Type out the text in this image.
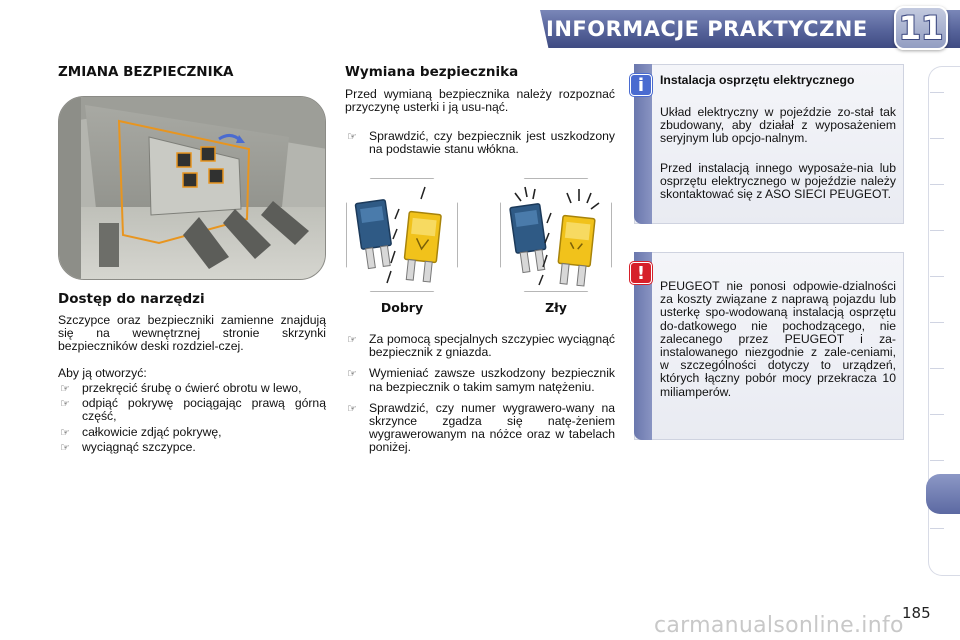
INFORMACJE PRAKTYCZNE 11
ZMIANA BEZPIECZNIKA
Dostęp do narzędzi
Szczypce oraz bezpieczniki zamienne znajdują się na wewnętrznej stronie skrzynki bezpieczników deski rozdziel-czej.
Aby ją otworzyć:
☞ przekręcić śrubę o ćwierć obrotu w lewo,
☞ odpiąć pokrywę pociągając prawą górną część,
☞ całkowicie zdjąć pokrywę,
☞ wyciągnąć szczypce.
Wymiana bezpiecznika
Przed wymianą bezpiecznika należy rozpoznać przyczynę usterki i ją usu-nąć.
☞ Sprawdzić, czy bezpiecznik jest uszkodzony na podstawie stanu włókna.
Dobry	Zły
☞ Za pomocą specjalnych szczypiec wyciągnąć bezpiecznik z gniazda.
☞ Wymieniać zawsze uszkodzony bezpiecznik na bezpiecznik o takim samym natężeniu.
☞ Sprawdzić, czy numer wygrawero-wany na skrzynce zgadza się natę-żeniem wygrawerowanym na nóżce oraz w tabelach poniżej.
i	Instalacja osprzętu elektrycznego
Układ elektryczny w pojeździe zo-stał tak zbudowany, aby działał z wyposażeniem seryjnym lub opcjo-nalnym.
Przed instalacją innego wyposaże-nia lub osprzętu elektrycznego w pojeździe należy skontaktować się z ASO SIECI PEUGEOT.
!
PEUGEOT nie ponosi odpowie-dzialności za koszty związane z naprawą pojazdu lub usterkę spo-wodowaną instalacją osprzętu do-datkowego nie pochodzącego, nie zalecanego przez PEUGEOT i za-instalowanego niezgodnie z zale-ceniami, w szczególności dotyczy to urządzeń, których łączny pobór mocy przekracza 10 miliamperów.
185
carmanualsonline.info
